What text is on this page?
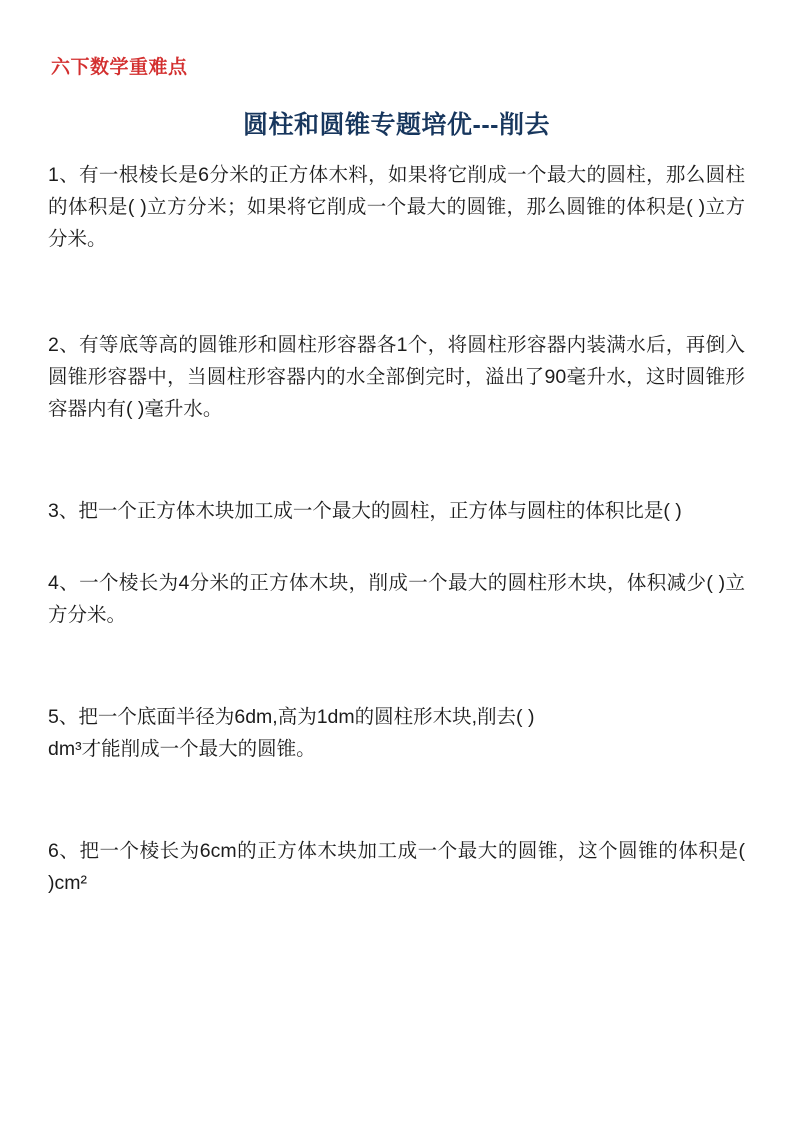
六下数学重难点
圆柱和圆锥专题培优---削去

1、有一根棱长是6分米的正方体木料，如果将它削成一个最大的圆柱，那么圆柱的体积是( )立方分米；如果将它削成一个最大的圆锥，那么圆锥的体积是( )立方分米。

2、有等底等高的圆锥形和圆柱形容器各1个，将圆柱形容器内装满水后，再倒入圆锥形容器中，当圆柱形容器内的水全部倒完时，溢出了90毫升水，这时圆锥形容器内有( )毫升水。

3、把一个正方体木块加工成一个最大的圆柱，正方体与圆柱的体积比是( )

4、一个棱长为4分米的正方体木块，削成一个最大的圆柱形木块，体积减少( )立方分米。

5、把一个底面半径为6dm,高为1dm的圆柱形木块,削去( )
dm³才能削成一个最大的圆锥。

6、把一个棱长为6cm的正方体木块加工成一个最大的圆锥，这个圆锥的体积是( )cm²
